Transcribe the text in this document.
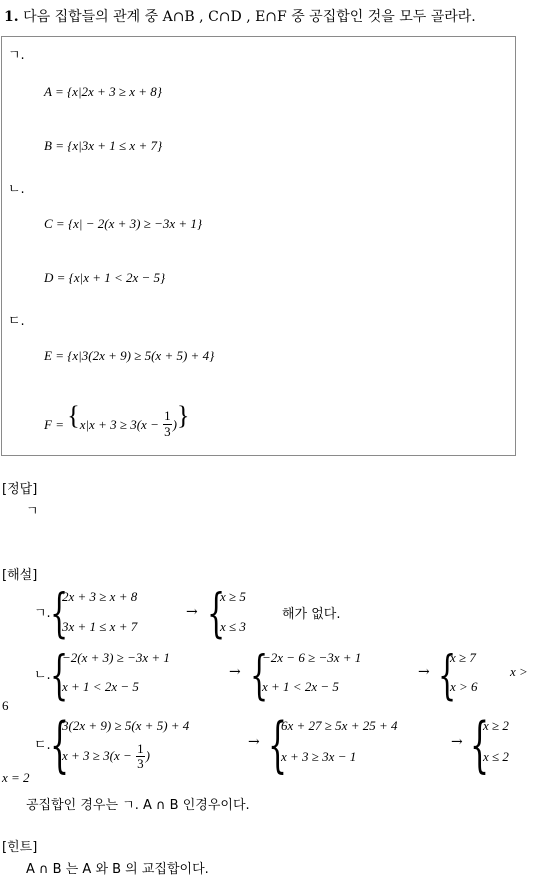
1. 다음 집합들의 관계 중 A∩B , C∩D , E∩F 중 공집합인 것을 모두 골라라.
ㄱ.
A = {x|2x + 3 ≥ x + 8}
B = {x|3x + 1 ≤ x + 7}
ㄴ.
C = {x| − 2(x + 3) ≥ −3x + 1}
D = {x|x + 1 < 2x − 5}
ㄷ.
E = {x|3(2x + 9) ≥ 5(x + 5) + 4}
$F = \{x|x + 3 \ge 3(x - \frac{1}{3}$ )}
[정답]
ㄱ
[해설]
ㄱ. {
2x + 3 ≥ x + 8
3x + 1 ≤ x + 7
→ {
x ≥ 5
x ≤ 3
해가 없다.
ㄴ. {
−2(x + 3) ≥ −3x + 1
x + 1 < 2x − 5
→ {
−2x − 6 ≥ −3x + 1
x + 1 < 2x − 5
→ {
x ≥ 7
x > 6
x >
6
ㄷ. {
3(2x + 9) ≥ 5(x + 5) + 4
$x + 3 \ge 3(x - \frac{1}{3}$ )
→ {
6x + 27 ≥ 5x + 25 + 4
x + 3 ≥ 3x − 1
→ {
x ≥ 2
x ≤ 2
x = 2
공집합인 경우는 ㄱ. A ∩ B 인경우이다.
[힌트]
A ∩ B 는 A 와 B 의 교집합이다.
